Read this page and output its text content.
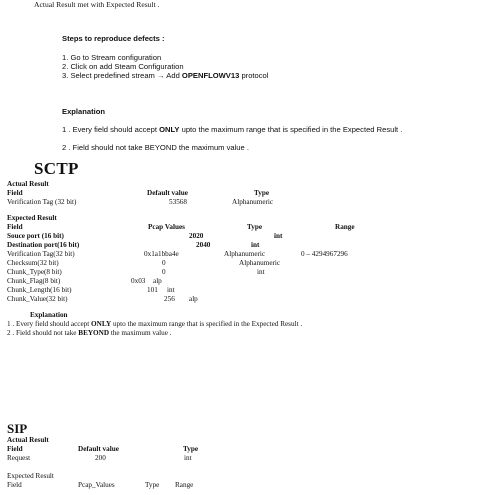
Actual Result met with Expected Result .
Steps to reproduce defects :
1. Go to Stream configuration
2. Click on add Steam Configuration
3. Select predefined stream → Add OPENFLOWV13 protocol
Explanation
1 . Every field should accept ONLY upto the maximum range that is specified in the Expected Result .
2 . Field should not take BEYOND the maximum value .
SCTP
Actual Result
Field	Default value	Type
Verification Tag (32 bit)	53568	Alphanumeric
Expected Result
Field	Pcap Values	Type	Range
Souce port (16 bit)	2020	int
Destination port(16 bit)	2040	int
Verification Tag(32 bit)	0x1a1bba4e	Alphanumeric	0 – 4294967296
Checksum(32 bit)	0	Alphanumeric
Chunk_Type(8 bit)	0	int
Chunk_Flag(8 bit)	0x03 alp
Chunk_Length(16 bit)	101 int
Chunk_Value(32 bit)	256 alp
Explanation
1 . Every field should accept ONLY upto the maximum range that is specified in the Expected Result .
2 . Field should not take BEYOND the maximum value .
SIP
Actual Result
Field	Default value	Type
Request	200	int
Expected Result
Field	Pcap_Values	Type Range
